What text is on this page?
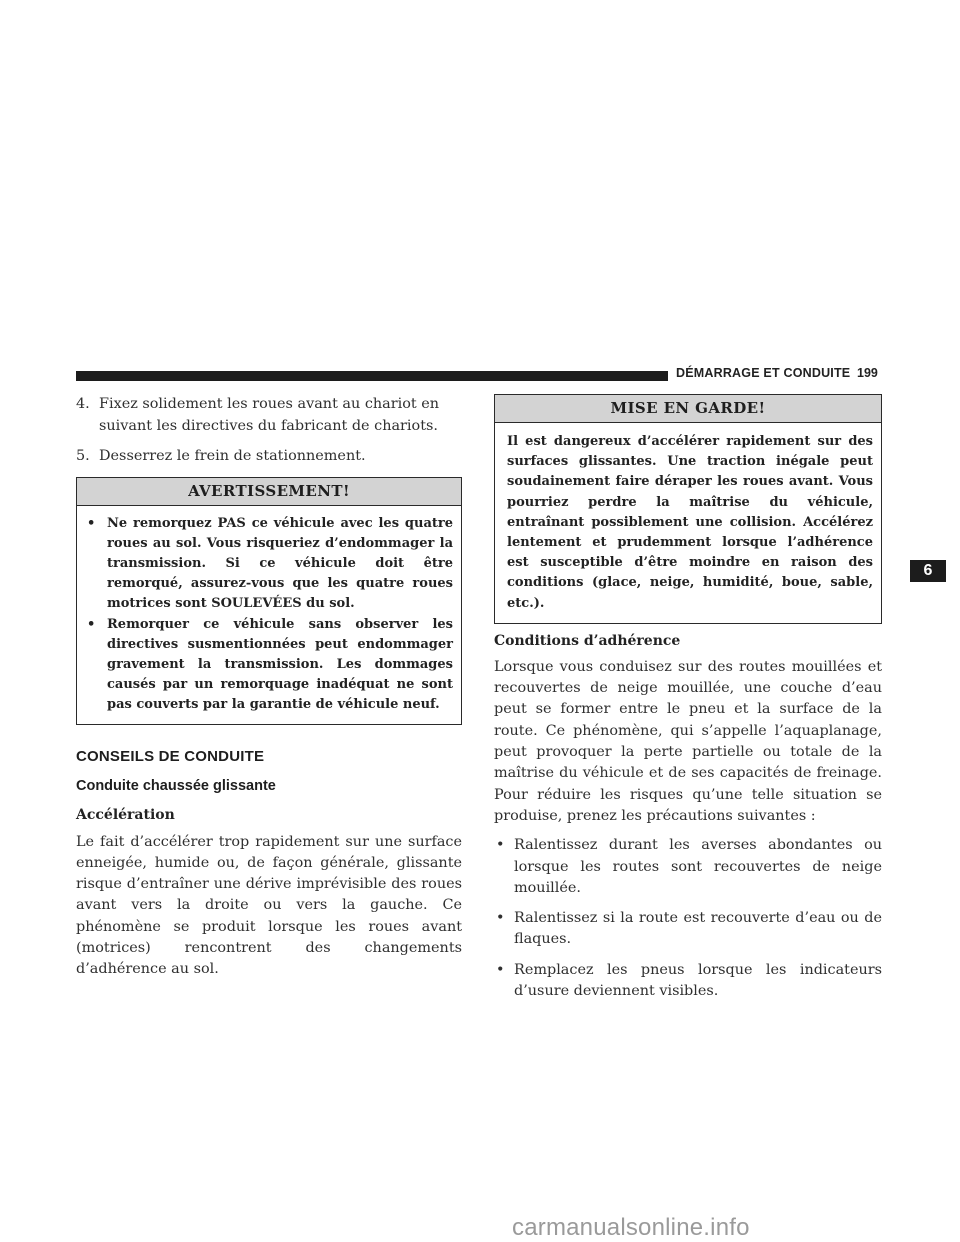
DÉMARRAGE ET CONDUITE 199
6
4. Fixez solidement les roues avant au chariot en suivant les directives du fabricant de chariots.

5. Desserrez le frein de stationnement.

AVERTISSEMENT!
• Ne remorquez PAS ce véhicule avec les quatre roues au sol. Vous risqueriez d’endommager la transmission. Si ce véhicule doit être remorqué, assurez-vous que les quatre roues motrices sont SOULEVÉES du sol.

• Remorquer ce véhicule sans observer les directives susmentionnées peut endommager gravement la transmission. Les dommages causés par un remorquage inadéquat ne sont pas couverts par la garantie de véhicule neuf.

CONSEILS DE CONDUITE
Conduite chaussée glissante
Accélération

Le fait d’accélérer trop rapidement sur une surface enneigée, humide ou, de façon générale, glissante risque d’entraîner une dérive imprévisible des roues avant vers la droite ou vers la gauche. Ce phénomène se produit lorsque les roues avant (motrices) rencontrent des changements d’adhérence au sol.

MISE EN GARDE!

Il est dangereux d’accélérer rapidement sur des surfaces glissantes. Une traction inégale peut soudainement faire déraper les roues avant. Vous pourriez perdre la maîtrise du véhicule, entraînant possiblement une collision. Accélérez lentement et prudemment lorsque l’adhérence est susceptible d’être moindre en raison des conditions (glace, neige, humidité, boue, sable, etc.).

Conditions d’adhérence

Lorsque vous conduisez sur des routes mouillées et recouvertes de neige mouillée, une couche d’eau peut se former entre le pneu et la surface de la route. Ce phénomène, qui s’appelle l’aquaplanage, peut provoquer la perte partielle ou totale de la maîtrise du véhicule et de ses capacités de freinage. Pour réduire les risques qu’une telle situation se produise, prenez les précautions suivantes :

• Ralentissez durant les averses abondantes ou lorsque les routes sont recouvertes de neige mouillée.

• Ralentissez si la route est recouverte d’eau ou de flaques.

• Remplacez les pneus lorsque les indicateurs d’usure deviennent visibles.

carmanualsonline.info
